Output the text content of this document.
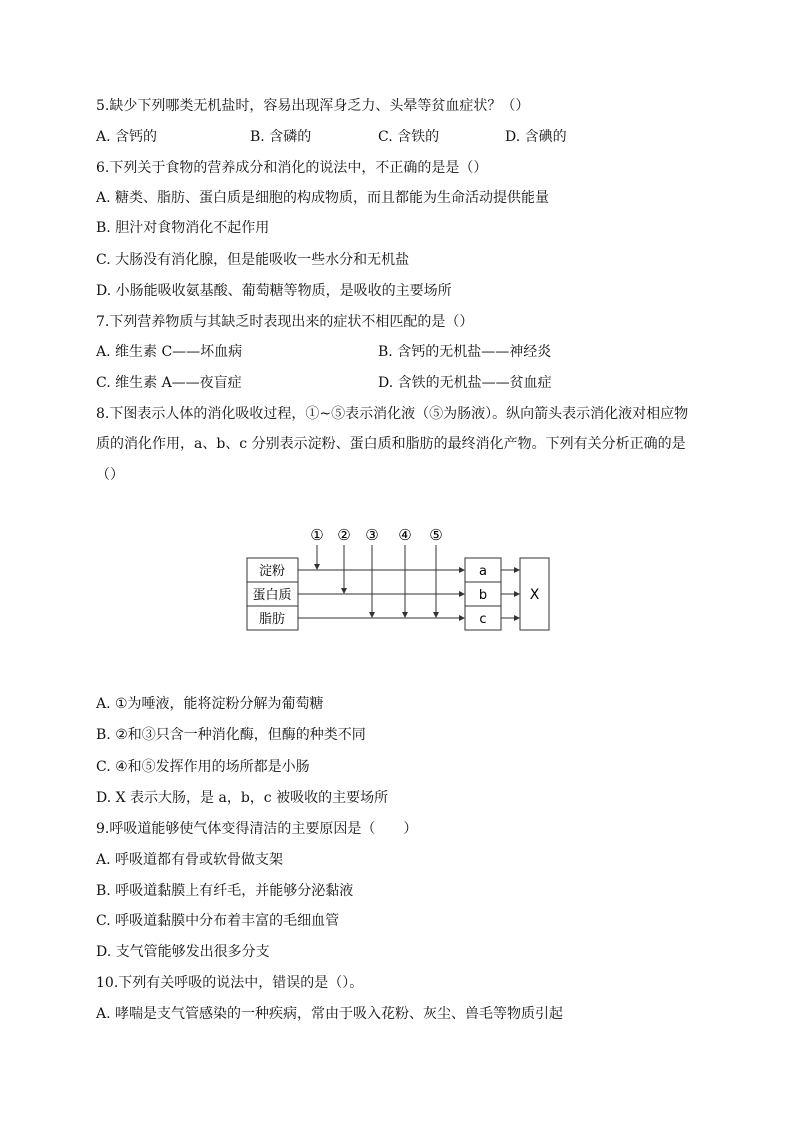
5.缺少下列哪类无机盐时，容易出现浑身乏力、头晕等贫血症状？（）
A. 含钙的	B. 含磷的	C. 含铁的	D. 含碘的
6.下列关于食物的营养成分和消化的说法中，不正确的是是（）
A. 糖类、脂肪、蛋白质是细胞的构成物质，而且都能为生命活动提供能量
B. 胆汁对食物消化不起作用
C. 大肠没有消化腺，但是能吸收一些水分和无机盐
D. 小肠能吸收氨基酸、葡萄糖等物质，是吸收的主要场所
7.下列营养物质与其缺乏时表现出来的症状不相匹配的是（）
A. 维生素 C——坏血病	B. 含钙的无机盐——神经炎
C. 维生素 A——夜盲症	D. 含铁的无机盐——贫血症
8.下图表示人体的消化吸收过程，①~⑤表示消化液（⑤为肠液）。纵向箭头表示消化液对相应物
质的消化作用，a、b、c 分别表示淀粉、蛋白质和脂肪的最终消化产物。下列有关分析正确的是
（）
① ② ③ ④ ⑤
淀粉
蛋白质
脂肪
a
b
c
X
A. ①为唾液，能将淀粉分解为葡萄糖
B. ②和③只含一种消化酶，但酶的种类不同
C. ④和⑤发挥作用的场所都是小肠
D. X 表示大肠，是 a，b，c 被吸收的主要场所
9.呼吸道能够使气体变得清洁的主要原因是（　　）
A. 呼吸道都有骨或软骨做支架
B. 呼吸道黏膜上有纤毛，并能够分泌黏液
C. 呼吸道黏膜中分布着丰富的毛细血管
D. 支气管能够发出很多分支
10.下列有关呼吸的说法中，错误的是（）。
A. 哮喘是支气管感染的一种疾病，常由于吸入花粉、灰尘、兽毛等物质引起
